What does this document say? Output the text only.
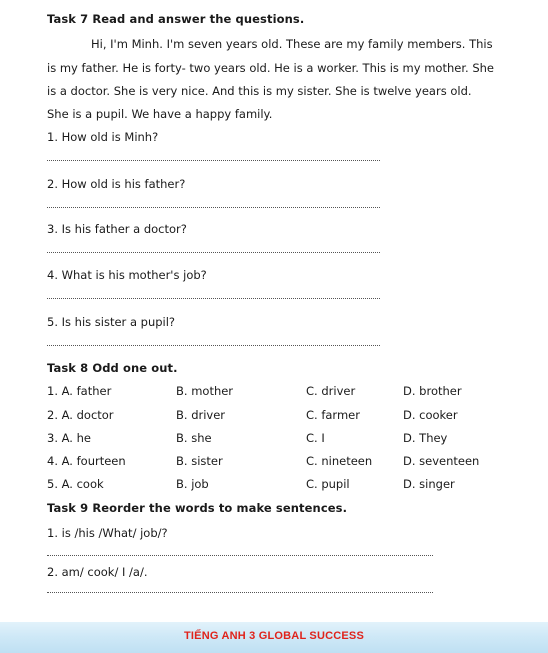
Task 7 Read and answer the questions.
Hi, I'm Minh. I'm seven years old. These are my family members. This
is my father. He is forty- two years old. He is a worker. This is my mother. She
is a doctor. She is very nice. And this is my sister. She is twelve years old.
She is a pupil. We have a happy family.
1. How old is Minh?
2. How old is his father?
3. Is his father a doctor?
4. What is his mother's job?
5. Is his sister a pupil?
Task 8 Odd one out.
1. A. father	B. mother	C. driver	D. brother
2. A. doctor	B. driver	C. farmer	D. cooker
3. A. he	B. she	C. I	D. They
4. A. fourteen	B. sister	C. nineteen	D. seventeen
5. A. cook	B. job	C. pupil	D. singer
Task 9 Reorder the words to make sentences.
1. is /his /What/ job/?
2. am/ cook/ I /a/.
TIẾNG ANH 3 GLOBAL SUCCESS
